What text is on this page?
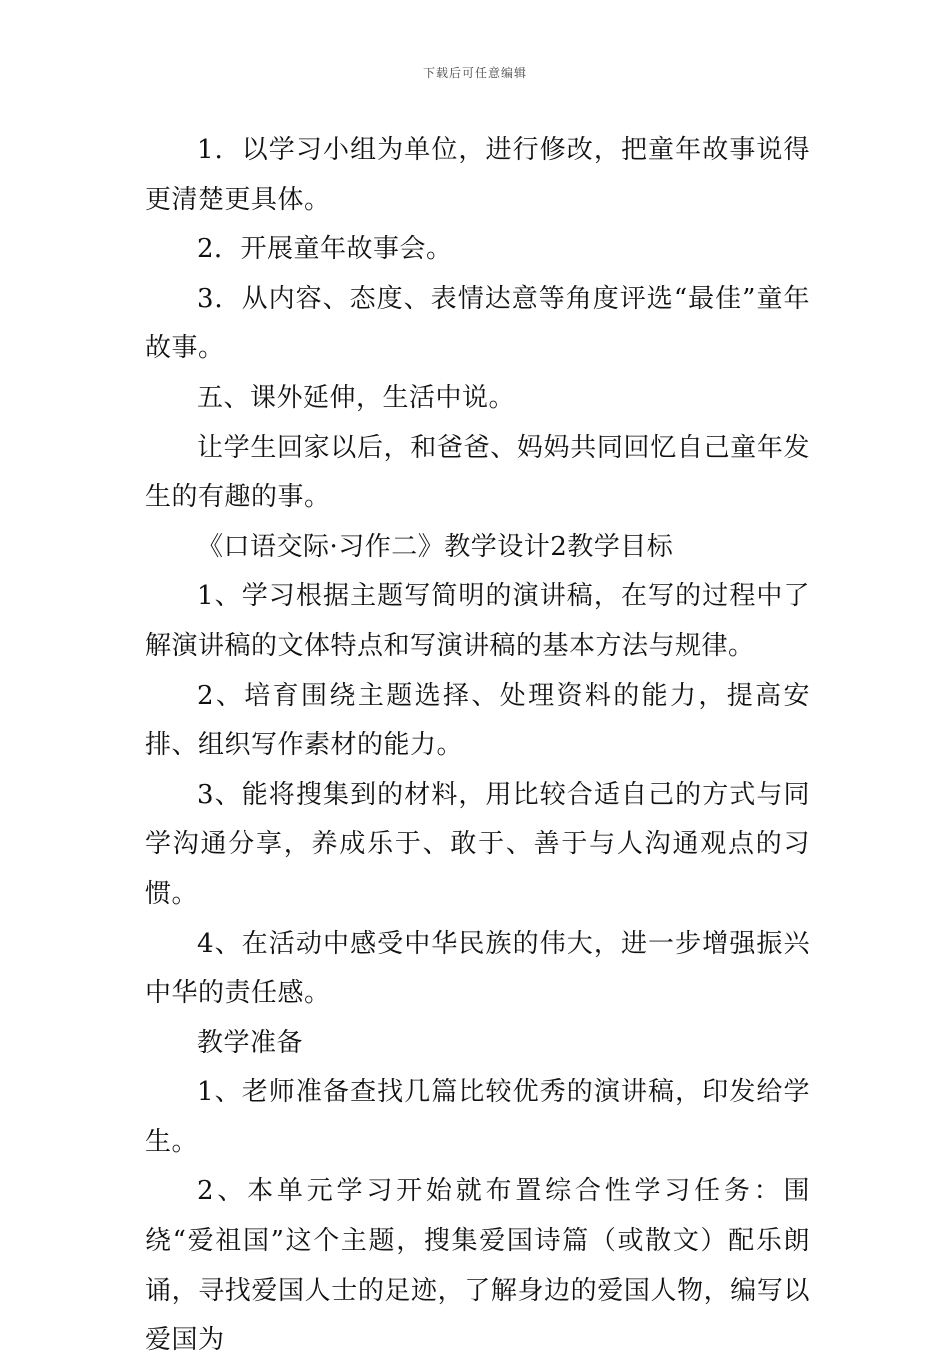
下载后可任意编辑

1．以学习小组为单位，进行修改，把童年故事说得更清楚更具体。

2．开展童年故事会。

3．从内容、态度、表情达意等角度评选“最佳”童年故事。

五、课外延伸，生活中说。

让学生回家以后，和爸爸、妈妈共同回忆自己童年发生的有趣的事。

《口语交际·习作二》教学设计2教学目标

1、学习根据主题写简明的演讲稿，在写的过程中了解演讲稿的文体特点和写演讲稿的基本方法与规律。

2、培育围绕主题选择、处理资料的能力，提高安排、组织写作素材的能力。

3、能将搜集到的材料，用比较合适自己的方式与同学沟通分享，养成乐于、敢于、善于与人沟通观点的习惯。

4、在活动中感受中华民族的伟大，进一步增强振兴中华的责任感。

教学准备

1、老师准备查找几篇比较优秀的演讲稿，印发给学生。

2、本单元学习开始就布置综合性学习任务：围绕“爱祖国”这个主题，搜集爱国诗篇（或散文）配乐朗诵，寻找爱国人士的足迹，了解身边的爱国人物，编写以爱国为
